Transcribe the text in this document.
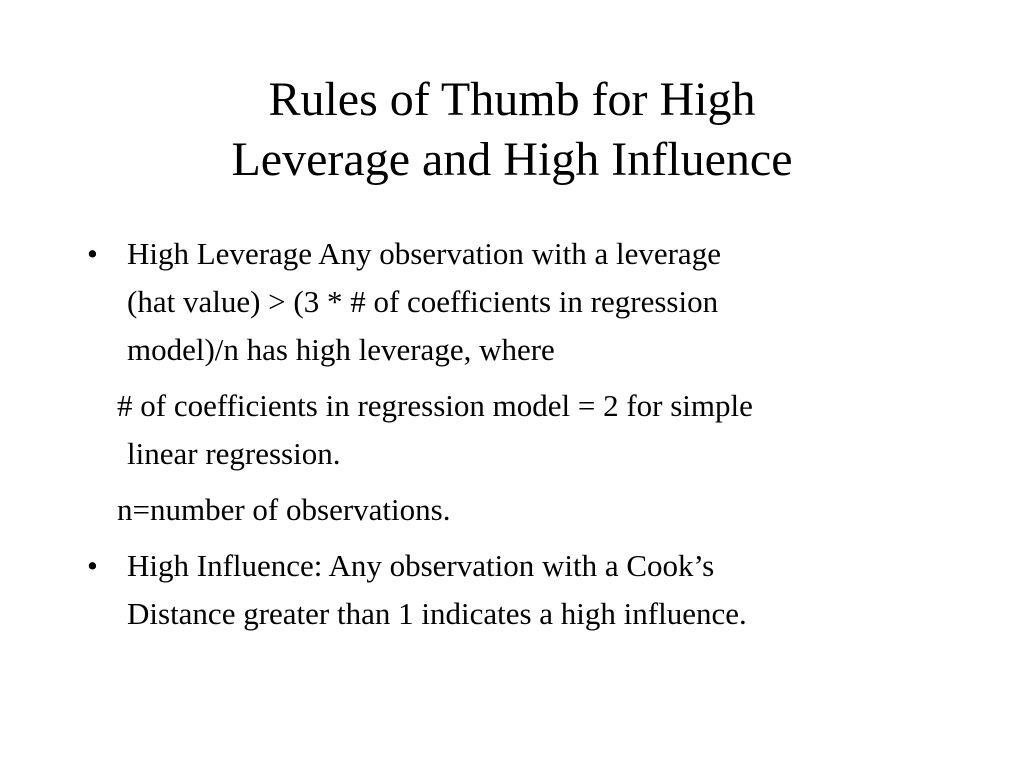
Rules of Thumb for High
Leverage and High Influence
• High Leverage Any observation with a leverage
(hat value) > (3 * # of coefficients in regression
model)/n has high leverage, where
# of coefficients in regression model = 2 for simple
linear regression.
n=number of observations.
• High Influence: Any observation with a Cook’s
Distance greater than 1 indicates a high influence.
